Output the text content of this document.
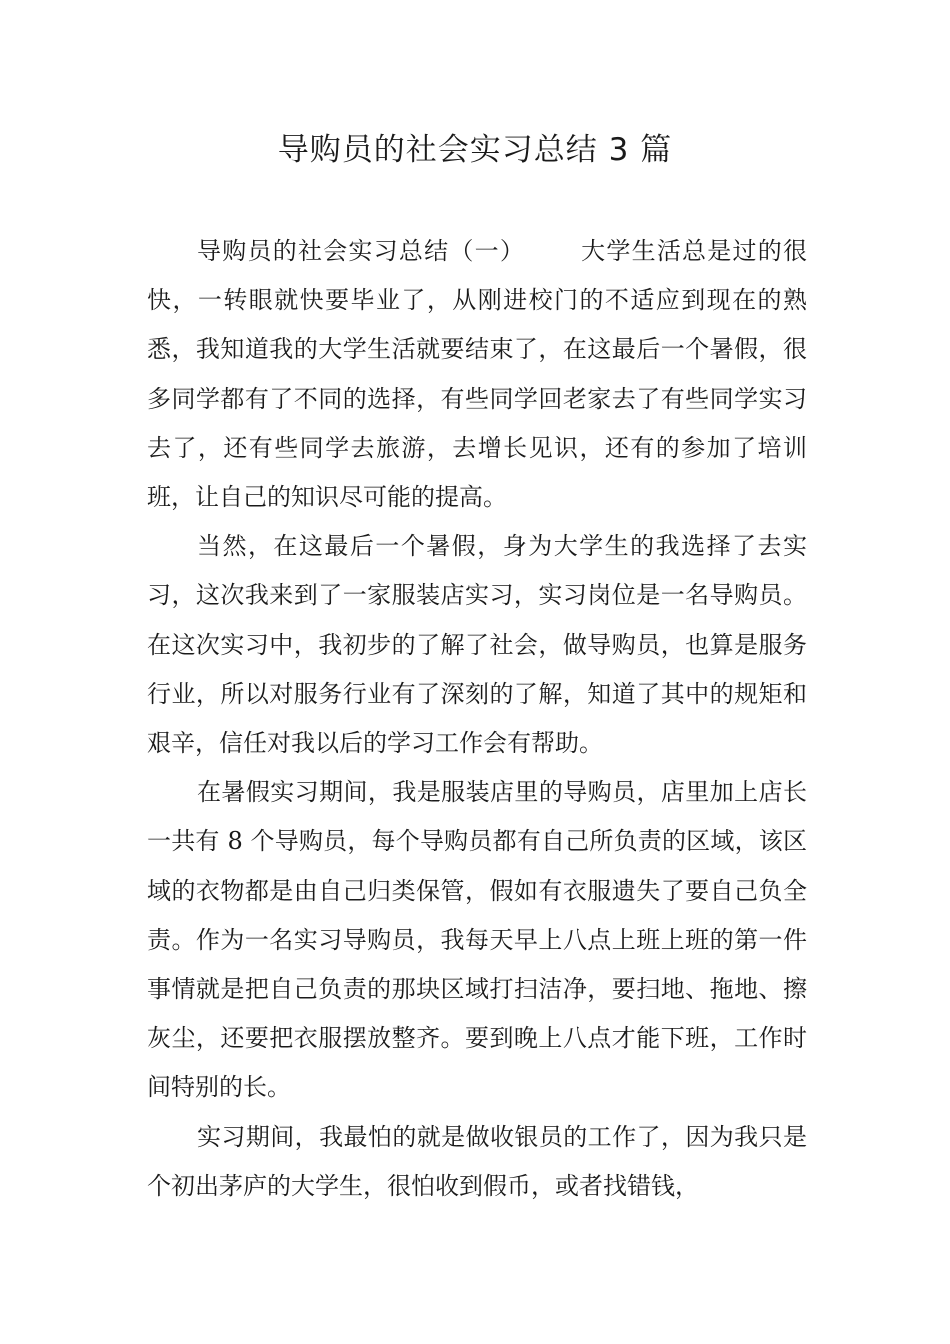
导购员的社会实习总结 3 篇

导购员的社会实习总结（一） 大学生活总是过的很快，一转眼就快要毕业了，从刚进校门的不适应到现在的熟悉，我知道我的大学生活就要结束了，在这最后一个暑假，很多同学都有了不同的选择，有些同学回老家去了有些同学实习去了，还有些同学去旅游，去增长见识，还有的参加了培训班，让自己的知识尽可能的提高。

当然，在这最后一个暑假，身为大学生的我选择了去实习，这次我来到了一家服装店实习，实习岗位是一名导购员。在这次实习中，我初步的了解了社会，做导购员，也算是服务行业，所以对服务行业有了深刻的了解，知道了其中的规矩和艰辛，信任对我以后的学习工作会有帮助。

在暑假实习期间，我是服装店里的导购员，店里加上店长一共有 8 个导购员，每个导购员都有自己所负责的区域，该区域的衣物都是由自己归类保管，假如有衣服遗失了要自己负全责。作为一名实习导购员，我每天早上八点上班上班的第一件事情就是把自己负责的那块区域打扫洁净，要扫地、拖地、擦灰尘，还要把衣服摆放整齐。要到晚上八点才能下班，工作时间特别的长。

实习期间，我最怕的就是做收银员的工作了，因为我只是个初出茅庐的大学生，很怕收到假币，或者找错钱，
